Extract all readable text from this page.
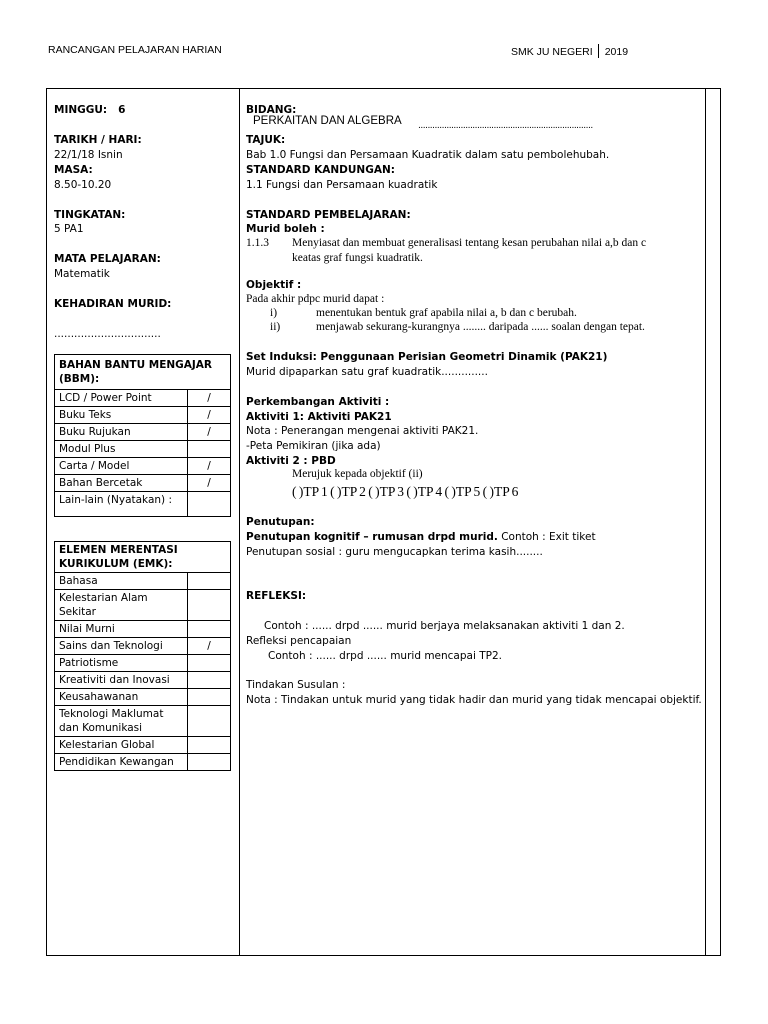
RANCANGAN PELAJARAN HARIAN	SMK JU NEGERI 2019
MINGGU: 6
TARIKH / HARI:
22/1/18 Isnin
MASA:
8.50-10.20
TINGKATAN:
5 PA1
MATA PELAJARAN:
Matematik
KEHADIRAN MURID:
................................
BAHAN BANTU MENGAJAR
(BBM):	

LCD / Power Point	/
Buku Teks	/
Buku Rujukan	/
Modul Plus	
Carta / Model	/
Bahan Bercetak	/
Lain-lain (Nyatakan) :	
ELEMEN MERENTASI
KURIKULUM (EMK):	

Bahasa	

Kelestarian Alam
Sekitar	

Nilai Murni	
Sains dan Teknologi	/
Patriotisme	
Kreativiti dan Inovasi	
Keusahawanan	

Teknologi Maklumat
dan Komunikasi	

Kelestarian Global	
Pendidikan Kewangan	
BIDANG:
PERKAITAN DAN ALGEBRA ..........................................................................
TAJUK:
Bab 1.0 Fungsi dan Persamaan Kuadratik dalam satu pembolehubah.
STANDARD KANDUNGAN:
1.1 Fungsi dan Persamaan kuadratik
STANDARD PEMBELAJARAN:
Murid boleh :
1.1.3 Menyiasat dan membuat generalisasi tentang kesan perubahan nilai a,b dan c
keatas graf fungsi kuadratik.
Objektif :
Pada akhir pdpc murid dapat :
i)	menentukan bentuk graf apabila nilai a, b dan c berubah.
ii)	menjawab sekurang-kurangnya ........ daripada ...... soalan dengan tepat.
Set Induksi: Penggunaan Perisian Geometri Dinamik (PAK21)
Murid dipaparkan satu graf kuadratik..............
Perkembangan Aktiviti :
Aktiviti 1: Aktiviti PAK21
Nota : Penerangan mengenai aktiviti PAK21.
-Peta Pemikiran (jika ada)
Aktiviti 2 : PBD
Merujuk kepada objektif (ii)
( )TP 1 ( )TP 2 ( )TP 3 ( )TP 4 ( )TP 5 ( )TP 6
Penutupan:
Penutupan kognitif – rumusan drpd murid. Contoh : Exit tiket
Penutupan sosial : guru mengucapkan terima kasih........
REFLEKSI:
Contoh : ...... drpd ...... murid berjaya melaksanakan aktiviti 1 dan 2.
Refleksi pencapaian
Contoh : ...... drpd ...... murid mencapai TP2.
Tindakan Susulan :
Nota : Tindakan untuk murid yang tidak hadir dan murid yang tidak mencapai objektif.
